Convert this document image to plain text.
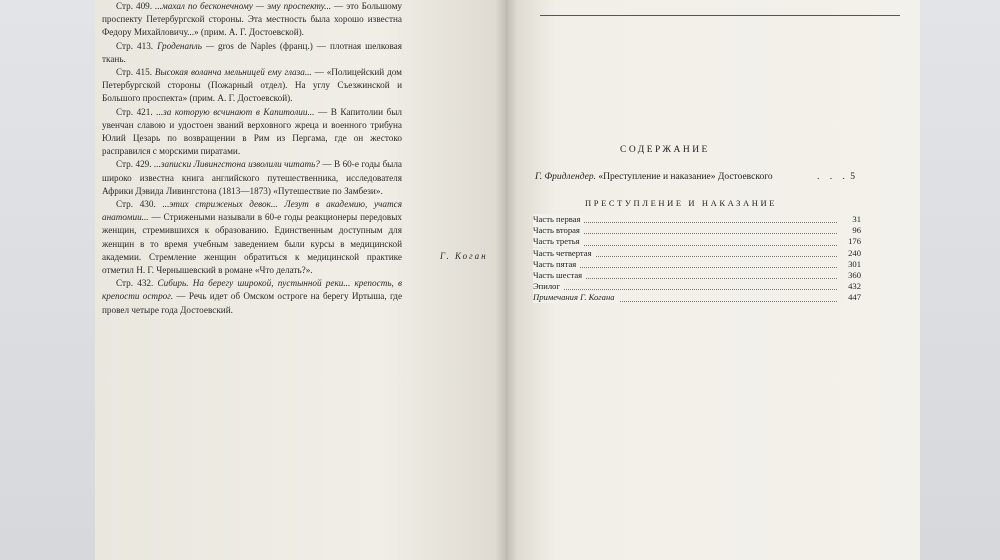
Стр. 409. ...махал по бесконечному — эму проспекту... — это Большому проспекту Петербургской стороны. Эта местность была хорошо известна Федору Михайловичу...» (прим. А. Г. Достоевской).

Стр. 413. Гроденапль — gros de Naples (франц.) — плотная шелковая ткань.

Стр. 415. Высокая воланча мельницей ему глаза... — «Полицейский дом Петербургской стороны (Пожарный отдел). На углу Съезжинской и Большого проспекта» (прим. А. Г. Достоевской).

Стр. 421. ...за которую всчинают в Капитолии... — В Капитолии был увенчан славою и удостоен званий верховного жреца и военного трибуна Юлий Цезарь по возвращении в Рим из Пергама, где он жестоко расправился с морскими пиратами.

Стр. 429. ...записки Ливингстона изволили читать? — В 60-е годы была широко известна книга английского путешественника, исследователя Африки Дэвида Ливингстона (1813—1873) «Путешествие по Замбези».

Стр. 430. ...этих стриженых девок... Лезут в академию, учатся анатомии... — Стрижеными называли в 60-е годы реакционеры передовых женщин, стремившихся к образованию. Единственным доступным для женщин в то время учебным заведением были курсы в медицинской академии. Стремление женщин обратиться к медицинской практике отметил Н. Г. Чернышевский в романе «Что делать?».

Стр. 432. Сибирь. На берегу широкой, пустынной реки... крепость, в крепости острог. — Речь идет об Омском остроге на берегу Иртыша, где провел четыре года Достоевский.

Г. Коган
СОДЕРЖАНИЕ
Г. Фридлендер. «Преступление и наказание» Достоевского	. . . 5
ПРЕСТУПЛЕНИЕ И НАКАЗАНИЕ
Часть первая	31
Часть вторая	96
Часть третья	176
Часть четвертая	240
Часть пятая	301
Часть шестая	360
Эпилог	432
Примечания Г. Когана	447
